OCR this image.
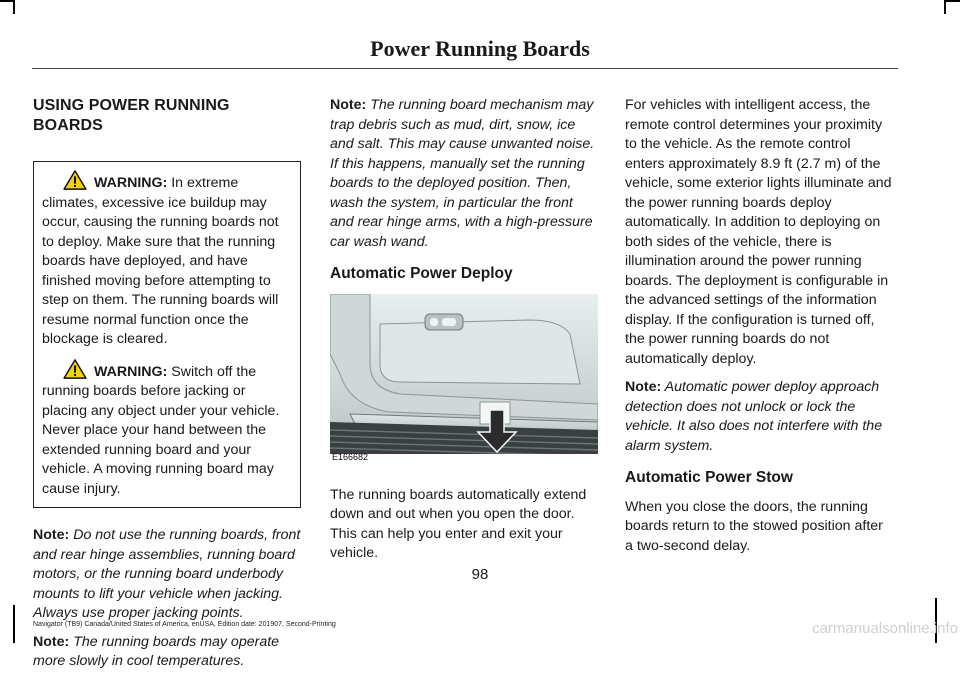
Power Running Boards
USING POWER RUNNING BOARDS

WARNING: In extreme climates, excessive ice buildup may occur, causing the running boards not to deploy. Make sure that the running boards have deployed, and have finished moving before attempting to step on them. The running boards will resume normal function once the blockage is cleared.

WARNING: Switch off the running boards before jacking or placing any object under your vehicle. Never place your hand between the extended running board and your vehicle. A moving running board may cause injury.

Note: Do not use the running boards, front and rear hinge assemblies, running board motors, or the running board underbody mounts to lift your vehicle when jacking. Always use proper jacking points.

Note: The running boards may operate more slowly in cool temperatures.

Note: The running board mechanism may trap debris such as mud, dirt, snow, ice and salt. This may cause unwanted noise. If this happens, manually set the running boards to the deployed position. Then, wash the system, in particular the front and rear hinge arms, with a high-pressure car wash wand.

Automatic Power Deploy
E166682

The running boards automatically extend down and out when you open the door. This can help you enter and exit your vehicle.

For vehicles with intelligent access, the remote control determines your proximity to the vehicle. As the remote control enters approximately 8.9 ft (2.7 m) of the vehicle, some exterior lights illuminate and the power running boards deploy automatically. In addition to deploying on both sides of the vehicle, there is illumination around the power running boards. The deployment is configurable in the advanced settings of the information display. If the configuration is turned off, the power running boards do not automatically deploy.

Note: Automatic power deploy approach detection does not unlock or lock the vehicle. It also does not interfere with the alarm system.

Automatic Power Stow

When you close the doors, the running boards return to the stowed position after a two-second delay.

98
Navigator (TB9) Canada/United States of America, enUSA, Edition date: 201907, Second-Printing	carmanualsonline.info
